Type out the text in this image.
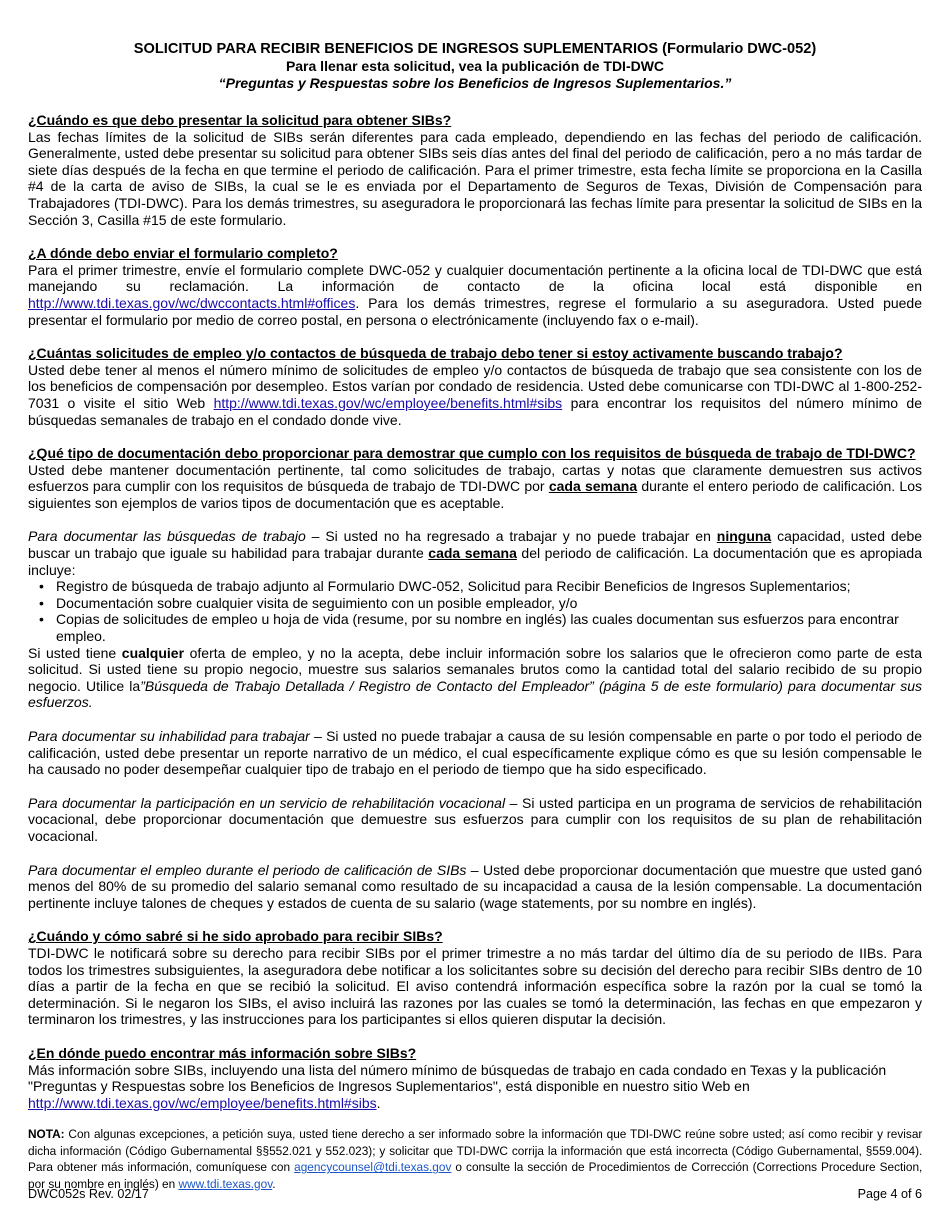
SOLICITUD PARA RECIBIR BENEFICIOS DE INGRESOS SUPLEMENTARIOS (Formulario DWC-052)
Para llenar esta solicitud, vea la publicación de TDI-DWC
“Preguntas y Respuestas sobre los Beneficios de Ingresos Suplementarios.”
¿Cuándo es que debo presentar la solicitud para obtener SIBs?

Las fechas límites de la solicitud de SIBs serán diferentes para cada empleado, dependiendo en las fechas del periodo de calificación. Generalmente, usted debe presentar su solicitud para obtener SIBs seis días antes del final del periodo de calificación, pero a no más tardar de siete días después de la fecha en que termine el periodo de calificación. Para el primer trimestre, esta fecha límite se proporciona en la Casilla #4 de la carta de aviso de SIBs, la cual se le es enviada por el Departamento de Seguros de Texas, División de Compensación para Trabajadores (TDI-DWC). Para los demás trimestres, su aseguradora le proporcionará las fechas límite para presentar la solicitud de SIBs en la Sección 3, Casilla #15 de este formulario.

¿A dónde debo enviar el formulario completo?

Para el primer trimestre, envíe el formulario complete DWC-052 y cualquier documentación pertinente a la oficina local de TDI-DWC que está manejando su reclamación. La información de contacto de la oficina local está disponible en http://www.tdi.texas.gov/wc/dwccontacts.html#offices. Para los demás trimestres, regrese el formulario a su aseguradora. Usted puede presentar el formulario por medio de correo postal, en persona o electrónicamente (incluyendo fax o e-mail).

¿Cuántas solicitudes de empleo y/o contactos de búsqueda de trabajo debo tener si estoy activamente buscando trabajo?

Usted debe tener al menos el número mínimo de solicitudes de empleo y/o contactos de búsqueda de trabajo que sea consistente con los de los beneficios de compensación por desempleo. Estos varían por condado de residencia. Usted debe comunicarse con TDI-DWC al 1-800-252-7031 o visite el sitio Web http://www.tdi.texas.gov/wc/employee/benefits.html#sibs para encontrar los requisitos del número mínimo de búsquedas semanales de trabajo en el condado donde vive.

¿Qué tipo de documentación debo proporcionar para demostrar que cumplo con los requisitos de búsqueda de trabajo de TDI-DWC?

Usted debe mantener documentación pertinente, tal como solicitudes de trabajo, cartas y notas que claramente demuestren sus activos esfuerzos para cumplir con los requisitos de búsqueda de trabajo de TDI-DWC por cada semana durante el entero periodo de calificación. Los siguientes son ejemplos de varios tipos de documentación que es aceptable.

Para documentar las búsquedas de trabajo – Si usted no ha regresado a trabajar y no puede trabajar en ninguna capacidad, usted debe buscar un trabajo que iguale su habilidad para trabajar durante cada semana del periodo de calificación. La documentación que es apropiada incluye:

• Registro de búsqueda de trabajo adjunto al Formulario DWC-052, Solicitud para Recibir Beneficios de Ingresos Suplementarios;
• Documentación sobre cualquier visita de seguimiento con un posible empleador, y/o
• Copias de solicitudes de empleo u hoja de vida (resume, por su nombre en inglés) las cuales documentan sus esfuerzos para encontrar empleo.

Si usted tiene cualquier oferta de empleo, y no la acepta, debe incluir información sobre los salarios que le ofrecieron como parte de esta solicitud. Si usted tiene su propio negocio, muestre sus salarios semanales brutos como la cantidad total del salario recibido de su propio negocio. Utilice la”Búsqueda de Trabajo Detallada / Registro de Contacto del Empleador” (página 5 de este formulario) para documentar sus esfuerzos.

Para documentar su inhabilidad para trabajar – Si usted no puede trabajar a causa de su lesión compensable en parte o por todo el periodo de calificación, usted debe presentar un reporte narrativo de un médico, el cual específicamente explique cómo es que su lesión compensable le ha causado no poder desempeñar cualquier tipo de trabajo en el periodo de tiempo que ha sido especificado.

Para documentar la participación en un servicio de rehabilitación vocacional – Si usted participa en un programa de servicios de rehabilitación vocacional, debe proporcionar documentación que demuestre sus esfuerzos para cumplir con los requisitos de su plan de rehabilitación vocacional.

Para documentar el empleo durante el periodo de calificación de SIBs – Usted debe proporcionar documentación que muestre que usted ganó menos del 80% de su promedio del salario semanal como resultado de su incapacidad a causa de la lesión compensable. La documentación pertinente incluye talones de cheques y estados de cuenta de su salario (wage statements, por su nombre en inglés).

¿Cuándo y cómo sabré si he sido aprobado para recibir SIBs?

TDI-DWC le notificará sobre su derecho para recibir SIBs por el primer trimestre a no más tardar del último día de su periodo de IIBs. Para todos los trimestres subsiguientes, la aseguradora debe notificar a los solicitantes sobre su decisión del derecho para recibir SIBs dentro de 10 días a partir de la fecha en que se recibió la solicitud. El aviso contendrá información específica sobre la razón por la cual se tomó la determinación. Si le negaron los SIBs, el aviso incluirá las razones por las cuales se tomó la determinación, las fechas en que empezaron y terminaron los trimestres, y las instrucciones para los participantes si ellos quieren disputar la decisión.

¿En dónde puedo encontrar más información sobre SIBs?

Más información sobre SIBs, incluyendo una lista del número mínimo de búsquedas de trabajo en cada condado en Texas y la publicación "Preguntas y Respuestas sobre los Beneficios de Ingresos Suplementarios", está disponible en nuestro sitio Web en http://www.tdi.texas.gov/wc/employee/benefits.html#sibs.

NOTA: Con algunas excepciones, a petición suya, usted tiene derecho a ser informado sobre la información que TDI-DWC reúne sobre usted; así como recibir y revisar dicha información (Código Gubernamental §§552.021 y 552.023); y solicitar que TDI-DWC corrija la información que está incorrecta (Código Gubernamental, §559.004). Para obtener más información, comuníquese con agencycounsel@tdi.texas.gov o consulte la sección de Procedimientos de Corrección (Corrections Procedure Section, por su nombre en inglés) en www.tdi.texas.gov.
DWC052s Rev. 02/17	Page 4 of 6
